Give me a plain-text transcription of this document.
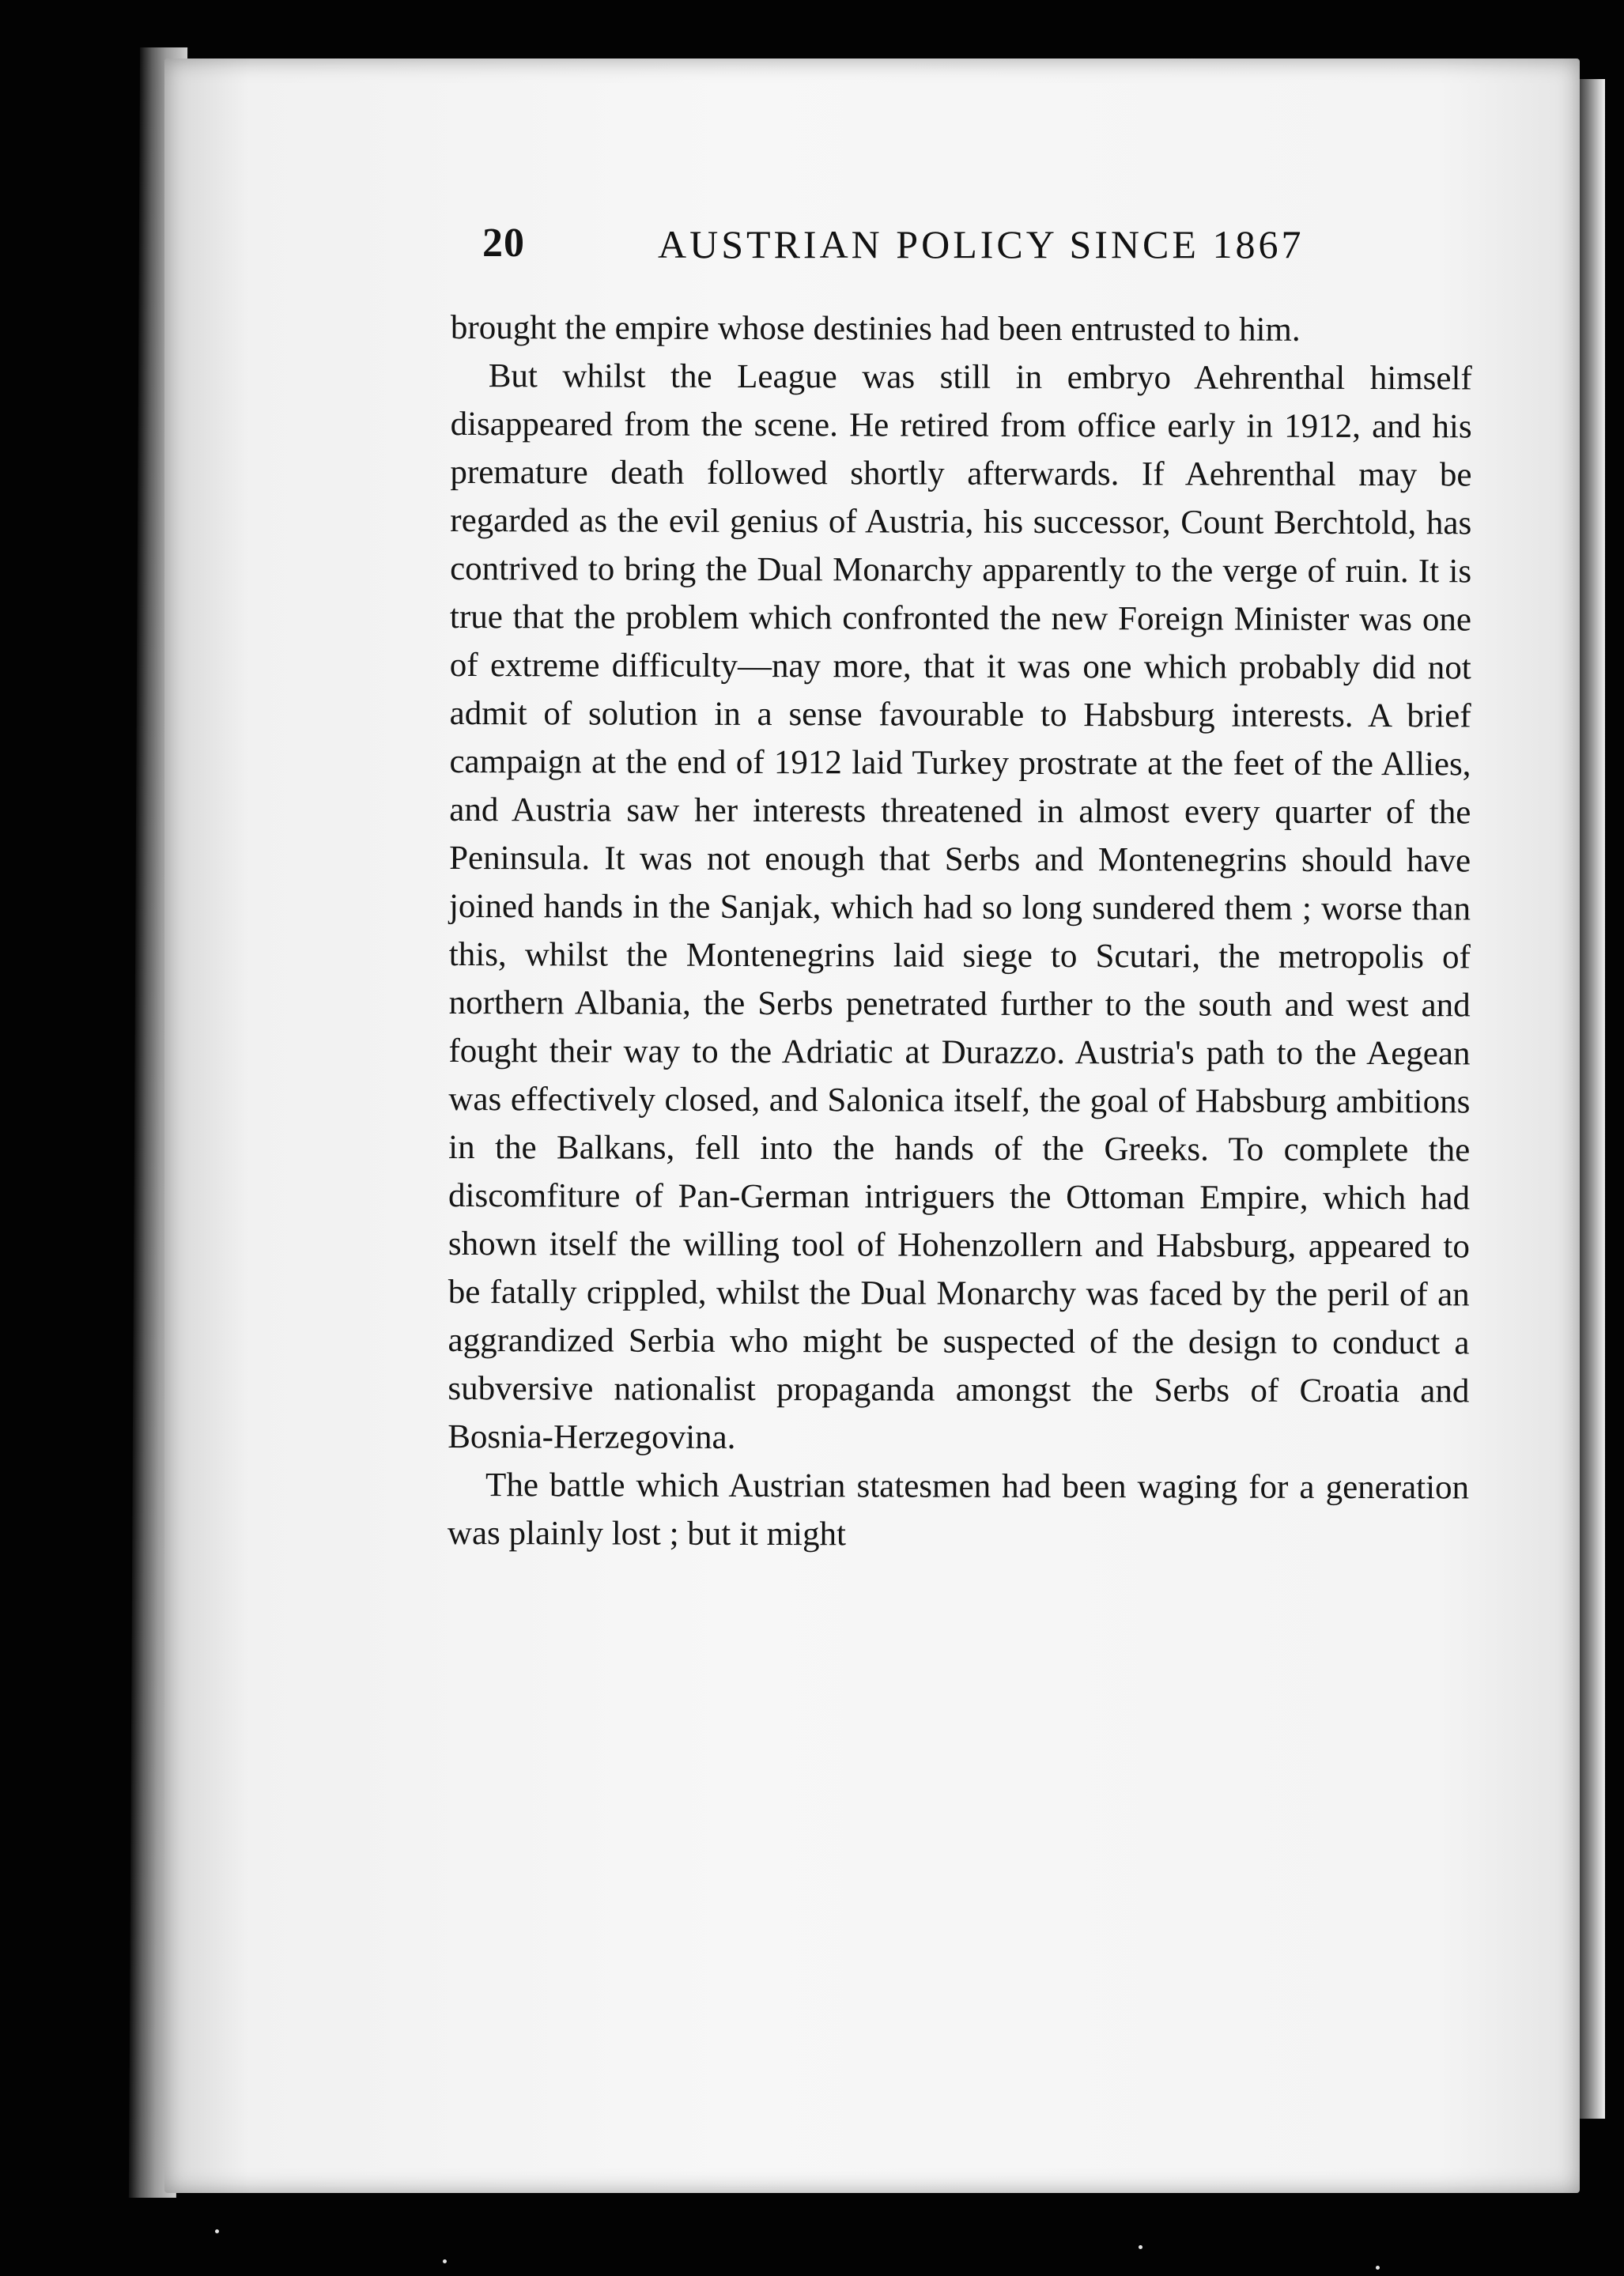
20	AUSTRIAN POLICY SINCE 1867

brought the empire whose destinies had been entrusted to him.

But whilst the League was still in embryo Aehrenthal himself disappeared from the scene. He retired from office early in 1912, and his premature death followed shortly afterwards. If Aehrenthal may be regarded as the evil genius of Austria, his successor, Count Berchtold, has contrived to bring the Dual Monarchy apparently to the verge of ruin. It is true that the problem which confronted the new Foreign Minister was one of extreme difficulty—nay more, that it was one which probably did not admit of solution in a sense favourable to Habsburg interests. A brief campaign at the end of 1912 laid Turkey prostrate at the feet of the Allies, and Austria saw her interests threatened in almost every quarter of the Peninsula. It was not enough that Serbs and Montenegrins should have joined hands in the Sanjak, which had so long sundered them ; worse than this, whilst the Montenegrins laid siege to Scutari, the metropolis of northern Albania, the Serbs penetrated further to the south and west and fought their way to the Adriatic at Durazzo. Austria's path to the Aegean was effectively closed, and Salonica itself, the goal of Habsburg ambitions in the Balkans, fell into the hands of the Greeks. To complete the discomfiture of Pan-German intriguers the Ottoman Empire, which had shown itself the willing tool of Hohenzollern and Habsburg, appeared to be fatally crippled, whilst the Dual Monarchy was faced by the peril of an aggrandized Serbia who might be suspected of the design to conduct a subversive nationalist propaganda amongst the Serbs of Croatia and Bosnia-Herzegovina.

The battle which Austrian statesmen had been waging for a generation was plainly lost ; but it might
